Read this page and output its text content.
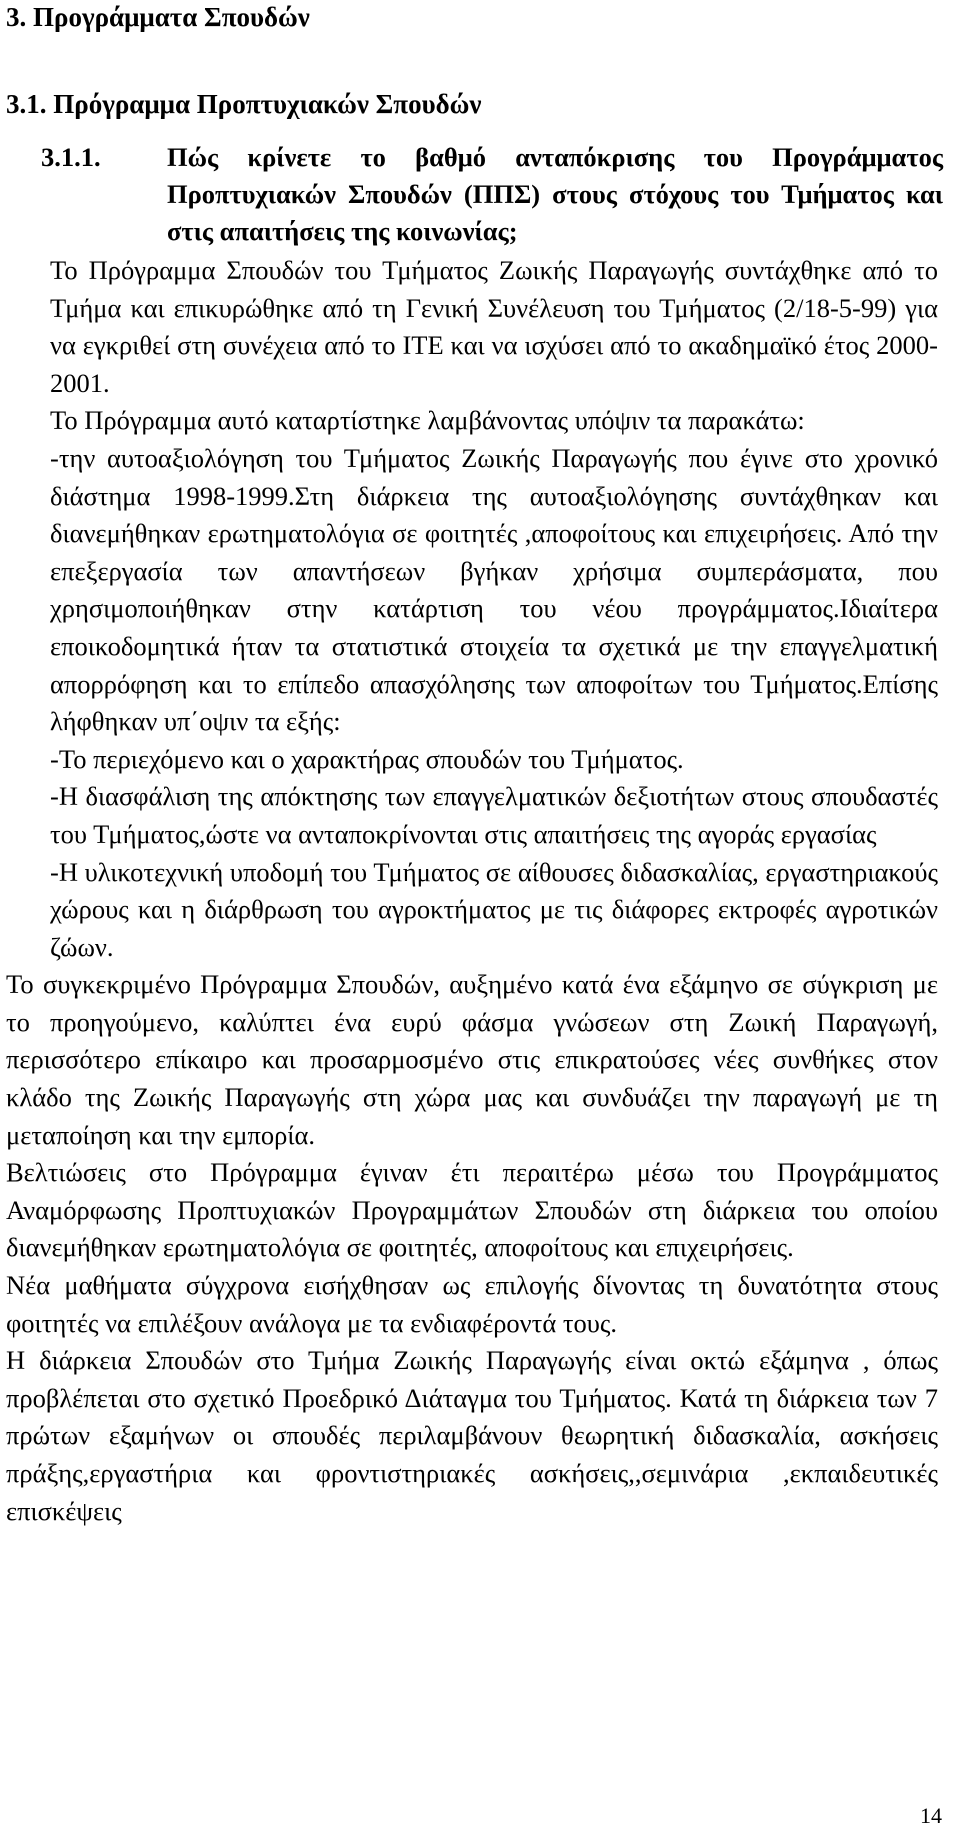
3. Προγράμματα Σπουδών
3.1. Πρόγραμμα Προπτυχιακών Σπουδών
3.1.1.	Πώς κρίνετε το βαθμό ανταπόκρισης του Προγράμματος Προπτυχιακών Σπουδών (ΠΠΣ) στους στόχους του Τμήματος και στις απαιτήσεις της κοινωνίας;

Το Πρόγραμμα Σπουδών του Τμήματος Ζωικής Παραγωγής συντάχθηκε από το Τμήμα και επικυρώθηκε από τη Γενική Συνέλευση του Τμήματος (2/18-5-99) για να εγκριθεί στη συνέχεια από το ΙΤΕ και να ισχύσει από το ακαδημαϊκό έτος 2000-2001.

Το Πρόγραμμα αυτό καταρτίστηκε λαμβάνοντας υπόψιν τα παρακάτω:

-την αυτοαξιολόγηση του Τμήματος Ζωικής Παραγωγής που έγινε στο χρονικό διάστημα 1998-1999.Στη διάρκεια της αυτοαξιολόγησης συντάχθηκαν και διανεμήθηκαν ερωτηματολόγια σε φοιτητές ,αποφοίτους και επιχειρήσεις. Από την επεξεργασία των απαντήσεων βγήκαν χρήσιμα συμπεράσματα, που χρησιμοποιήθηκαν στην κατάρτιση του νέου προγράμματος.Ιδιαίτερα εποικοδομητικά ήταν τα στατιστικά στοιχεία τα σχετικά με την επαγγελματική απορρόφηση και το επίπεδο απασχόλησης των αποφοίτων του Τμήματος.Επίσης λήφθηκαν υπ΄οψιν τα εξής:

-Το περιεχόμενο και ο χαρακτήρας σπουδών του Τμήματος.

-Η διασφάλιση της απόκτησης των επαγγελματικών δεξιοτήτων στους σπουδαστές του Τμήματος,ώστε να ανταποκρίνονται στις απαιτήσεις της αγοράς εργασίας

-Η υλικοτεχνική υποδομή του Τμήματος σε αίθουσες διδασκαλίας, εργαστηριακούς χώρους και η διάρθρωση του αγροκτήματος με τις διάφορες εκτροφές αγροτικών ζώων.

Το συγκεκριμένο Πρόγραμμα Σπουδών, αυξημένο κατά ένα εξάμηνο σε σύγκριση με το προηγούμενο, καλύπτει ένα ευρύ φάσμα γνώσεων στη Ζωική Παραγωγή, περισσότερο επίκαιρο και προσαρμοσμένο στις επικρατούσες νέες συνθήκες στον κλάδο της Ζωικής Παραγωγής στη χώρα μας και συνδυάζει την παραγωγή με τη μεταποίηση και την εμπορία.

Βελτιώσεις στο Πρόγραμμα έγιναν έτι περαιτέρω μέσω του Προγράμματος Αναμόρφωσης Προπτυχιακών Προγραμμάτων Σπουδών στη διάρκεια του οποίου διανεμήθηκαν ερωτηματολόγια σε φοιτητές, αποφοίτους και επιχειρήσεις.

Νέα μαθήματα σύγχρονα εισήχθησαν ως επιλογής δίνοντας τη δυνατότητα στους φοιτητές να επιλέξουν ανάλογα με τα ενδιαφέροντά τους.

Η διάρκεια Σπουδών στο Τμήμα Ζωικής Παραγωγής είναι οκτώ εξάμηνα , όπως προβλέπεται στο σχετικό Προεδρικό Διάταγμα του Τμήματος. Κατά τη διάρκεια των 7 πρώτων εξαμήνων οι σπουδές περιλαμβάνουν θεωρητική διδασκαλία, ασκήσεις πράξης,εργαστήρια και φροντιστηριακές ασκήσεις,,σεμινάρια ,εκπαιδευτικές επισκέψεις

14
